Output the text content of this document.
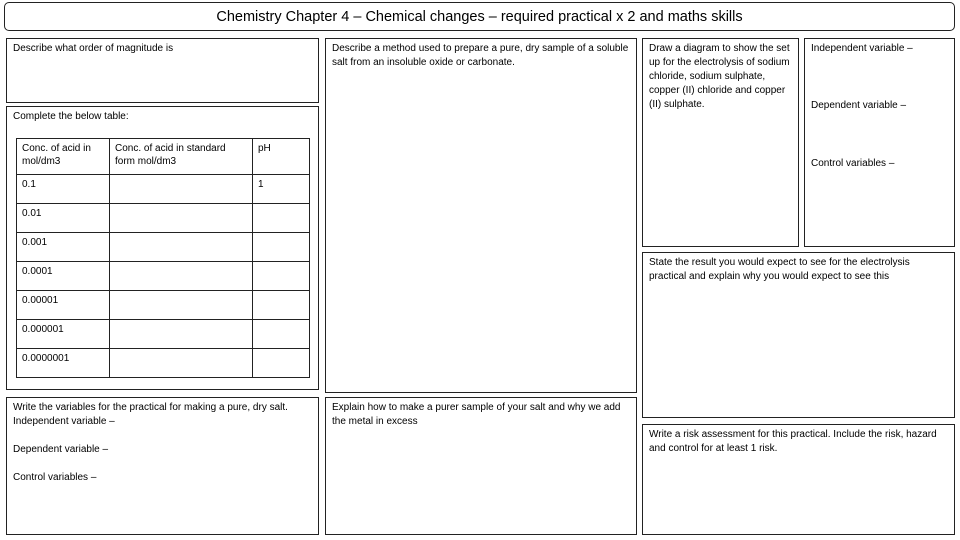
Chemistry Chapter 4 – Chemical changes – required practical x 2 and maths skills
Describe what order of magnitude is	Describe a method used to prepare a pure, dry sample of a soluble salt from an insoluble oxide or carbonate.
Draw a diagram to show the set up for the electrolysis of sodium chloride, sodium sulphate, copper (II) chloride and copper (II) sulphate.
Independent variable –
Dependent variable –
Control variables –
Complete the below table:
Conc. of acid in mol/dm3	Conc. of acid in standard form mol/dm3	pH
0.1		1
0.01		
0.001		
0.0001		
0.00001		
0.000001		
0.0000001		
State the result you would expect to see for the electrolysis practical and explain why you would expect to see this
Write the variables for the practical for making a pure, dry salt.
Independent variable –
Dependent variable –
Control variables –
Explain how to make a purer sample of your salt and why we add the metal in excess
Write a risk assessment for this practical. Include the risk, hazard and control for at least 1 risk.
